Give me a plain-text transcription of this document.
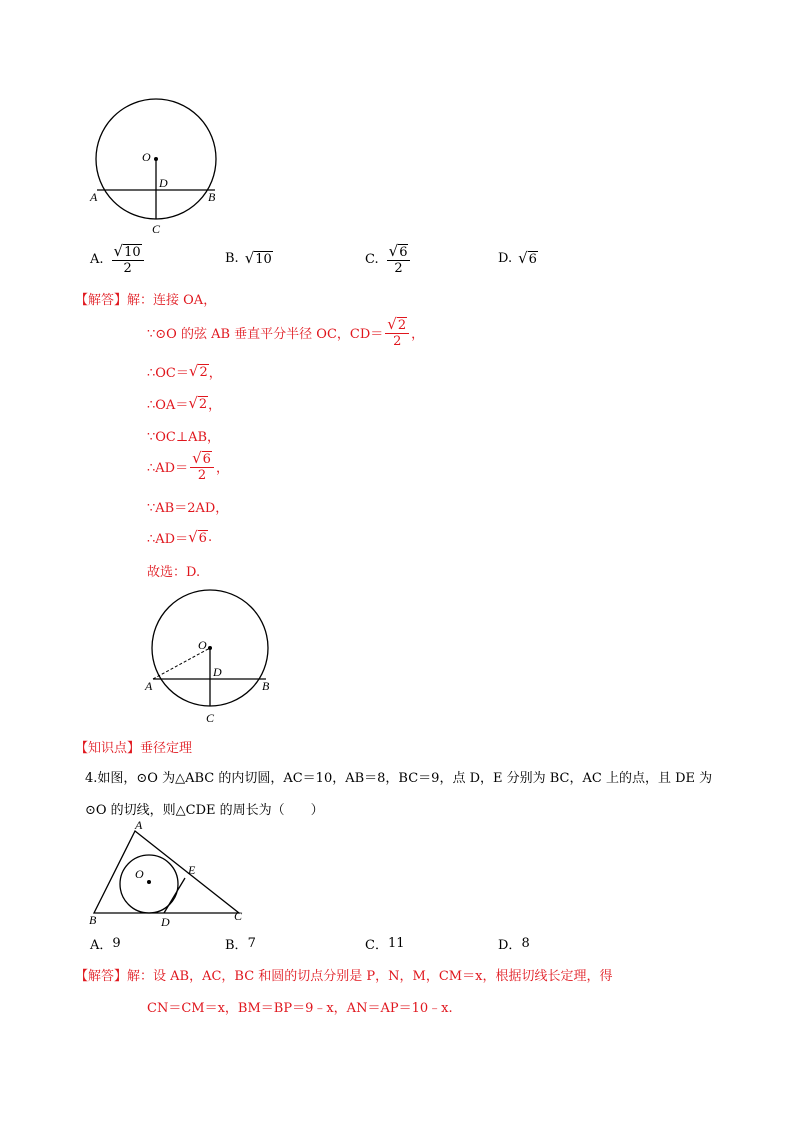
O
D
A	B
C
A. $\frac{√ 10}{2}$	B. √ 10	C. $\frac{√ 6}{2}$	D. √ 6
【解答】 解：连接 OA，
∵⊙O 的弦 AB 垂直平分半径 OC，$CD= \frac{√ 2}{2}$ ，
∴OC＝ √ 2 ，
∴OA＝ √ 2 ，
∵OC⊥AB，
∴AD＝ $\frac{√ 6}{2}$ ，
∵AB＝2AD，
∴AD＝ √ 6 .
故选：D.
O
D
A	B
C
【知识点】垂径定理
4.如图，⊙O 为△ABC 的内切圆，AC＝10，AB＝8，BC＝9，点 D，E 分别为 BC，AC 上的点，且 DE 为
⊙O 的切线，则△CDE 的周长为（　　）
A
O	E
B	D	C
A． 9	B． 7	C． 11	D． 8
【解答】 解：设 AB，AC，BC 和圆的切点分别是 P，N，M，CM＝x，根据切线长定理，得
CN＝CM＝x，BM＝BP＝9﹣x，AN＝AP＝10﹣x.
